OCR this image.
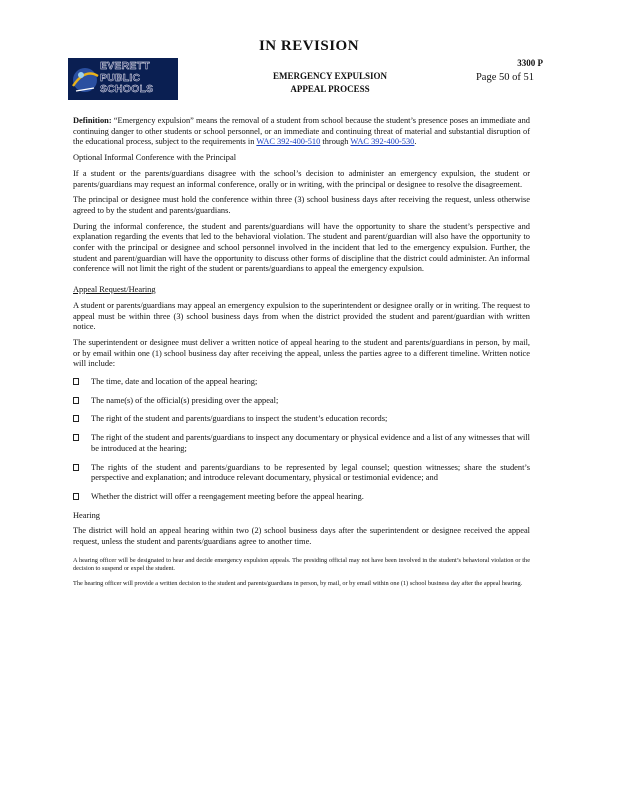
IN REVISION
EVERETT
PUBLIC
SCHOOLS
EMERGENCY EXPULSION
APPEAL PROCESS
3300 P
Page 50 of 51

Definition: “Emergency expulsion” means the removal of a student from school because the student’s presence poses an immediate and continuing danger to other students or school personnel, or an immediate and continuing threat of material and substantial disruption of the educational process, subject to the requirements in WAC 392-400-510 through WAC 392-400-530.

Optional Informal Conference with the Principal

If a student or the parents/guardians disagree with the school’s decision to administer an emergency expulsion, the student or parents/guardians may request an informal conference, orally or in writing, with the principal or designee to resolve the disagreement.

The principal or designee must hold the conference within three (3) school business days after receiving the request, unless otherwise agreed to by the student and parents/guardians.

During the informal conference, the student and parents/guardians will have the opportunity to share the student’s perspective and explanation regarding the events that led to the behavioral violation. The student and parent/guardian will also have the opportunity to confer with the principal or designee and school personnel involved in the incident that led to the emergency expulsion. Further, the student and parent/guardian will have the opportunity to discuss other forms of discipline that the district could administer. An informal conference will not limit the right of the student or parents/guardians to appeal the emergency expulsion.

Appeal Request/Hearing

A student or parents/guardians may appeal an emergency expulsion to the superintendent or designee orally or in writing. The request to appeal must be within three (3) school business days from when the district provided the student and parent/guardian with written notice.

The superintendent or designee must deliver a written notice of appeal hearing to the student and parents/guardians in person, by mail, or by email within one (1) school business day after receiving the appeal, unless the parties agree to a different timeline. Written notice will include:

The time, date and location of the appeal hearing;
The name(s) of the official(s) presiding over the appeal;
The right of the student and parents/guardians to inspect the student’s education records;
The right of the student and parents/guardians to inspect any documentary or physical evidence and a list of any witnesses that will be introduced at the hearing;
The rights of the student and parents/guardians to be represented by legal counsel; question witnesses; share the student’s perspective and explanation; and introduce relevant documentary, physical or testimonial evidence; and
Whether the district will offer a reengagement meeting before the appeal hearing.

Hearing

The district will hold an appeal hearing within two (2) school business days after the superintendent or designee received the appeal request, unless the student and parents/guardians agree to another time.

A hearing officer will be designated to hear and decide emergency expulsion appeals. The presiding official may not have been involved in the student’s behavioral violation or the decision to suspend or expel the student.

The hearing officer will provide a written decision to the student and parents/guardians in person, by mail, or by email within one (1) school business day after the appeal hearing.
